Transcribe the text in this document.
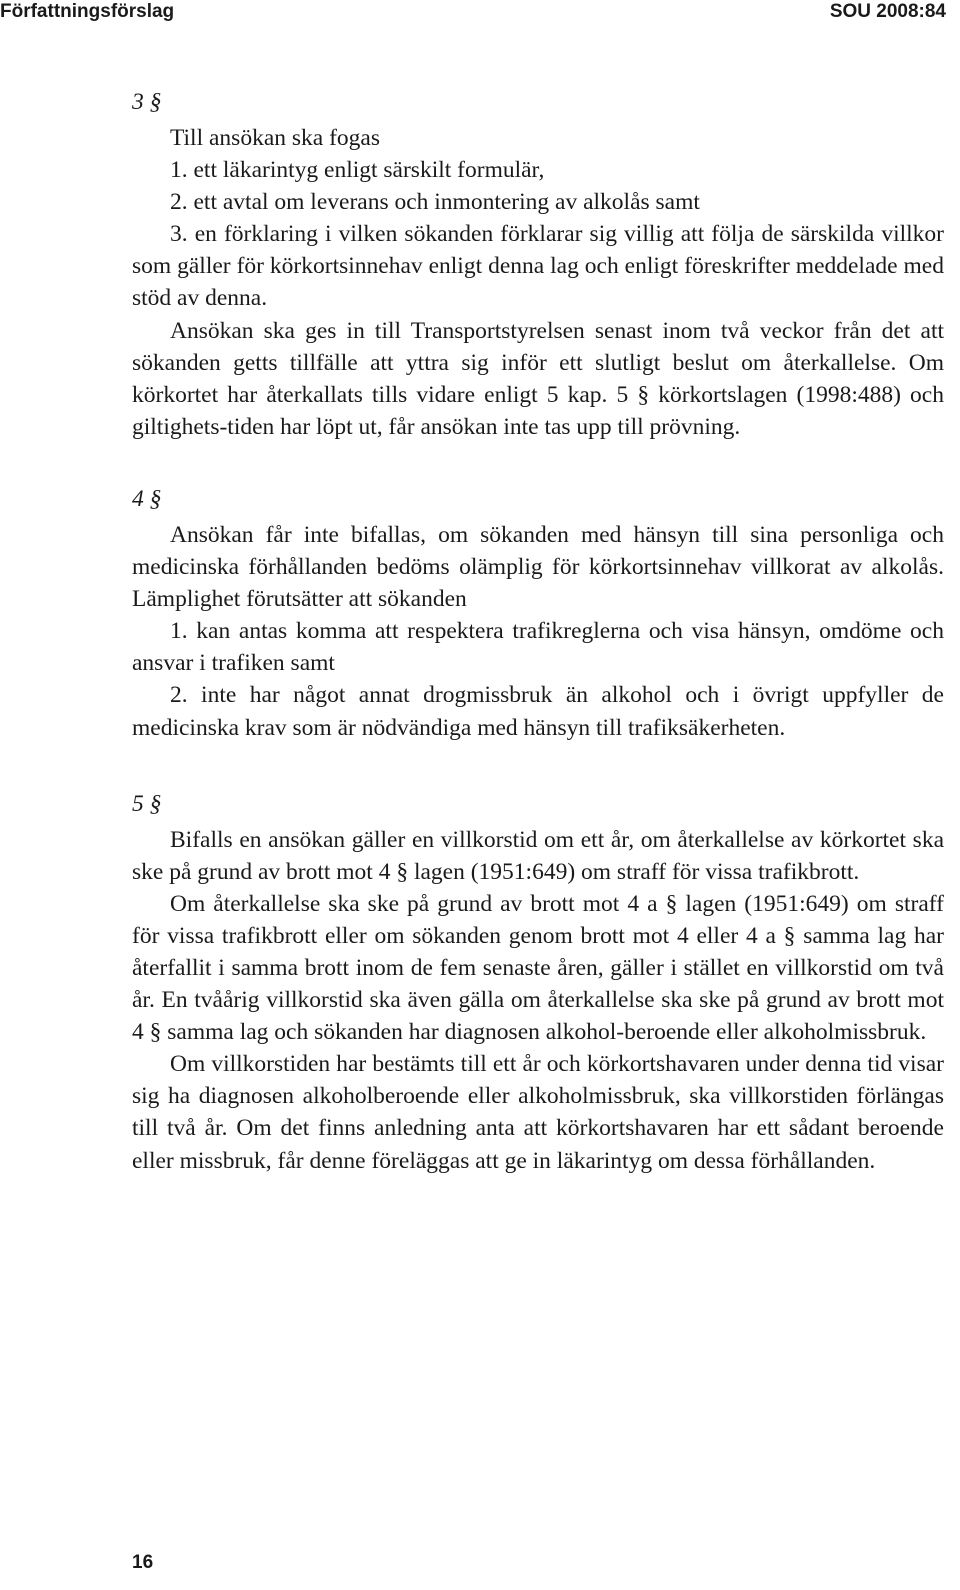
Författningsförslag	SOU 2008:84

3 §

Till ansökan ska fogas

1. ett läkarintyg enligt särskilt formulär,

2. ett avtal om leverans och inmontering av alkolås samt

3. en förklaring i vilken sökanden förklarar sig villig att följa de särskilda villkor som gäller för körkortsinnehav enligt denna lag och enligt föreskrifter meddelade med stöd av denna.

Ansökan ska ges in till Transportstyrelsen senast inom två veckor från det att sökanden getts tillfälle att yttra sig inför ett slutligt beslut om återkallelse. Om körkortet har återkallats tills vidare enligt 5 kap. 5 § körkortslagen (1998:488) och giltighets-tiden har löpt ut, får ansökan inte tas upp till prövning.

4 §

Ansökan får inte bifallas, om sökanden med hänsyn till sina personliga och medicinska förhållanden bedöms olämplig för körkortsinnehav villkorat av alkolås. Lämplighet förutsätter att sökanden

1. kan antas komma att respektera trafikreglerna och visa hänsyn, omdöme och ansvar i trafiken samt

2. inte har något annat drogmissbruk än alkohol och i övrigt uppfyller de medicinska krav som är nödvändiga med hänsyn till trafiksäkerheten.

5 §

Bifalls en ansökan gäller en villkorstid om ett år, om återkallelse av körkortet ska ske på grund av brott mot 4 § lagen (1951:649) om straff för vissa trafikbrott.

Om återkallelse ska ske på grund av brott mot 4 a § lagen (1951:649) om straff för vissa trafikbrott eller om sökanden genom brott mot 4 eller 4 a § samma lag har återfallit i samma brott inom de fem senaste åren, gäller i stället en villkorstid om två år. En tvåårig villkorstid ska även gälla om återkallelse ska ske på grund av brott mot 4 § samma lag och sökanden har diagnosen alkohol-beroende eller alkoholmissbruk.

Om villkorstiden har bestämts till ett år och körkortshavaren under denna tid visar sig ha diagnosen alkoholberoende eller alkoholmissbruk, ska villkorstiden förlängas till två år. Om det finns anledning anta att körkortshavaren har ett sådant beroende eller missbruk, får denne föreläggas att ge in läkarintyg om dessa förhållanden.

16
